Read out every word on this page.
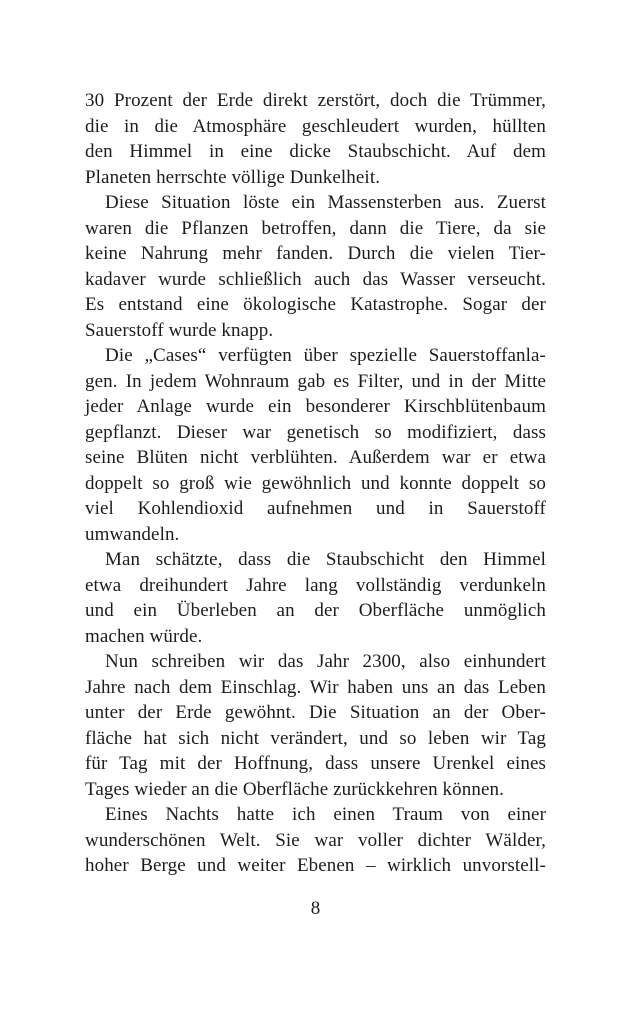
30 Prozent der Erde direkt zerstört, doch die Trümmer,
die in die Atmosphäre geschleudert wurden, hüllten
den Himmel in eine dicke Staubschicht. Auf dem
Planeten herrschte völlige Dunkelheit.

Diese Situation löste ein Massensterben aus. Zuerst
waren die Pflanzen betroffen, dann die Tiere, da sie
keine Nahrung mehr fanden. Durch die vielen Tier-
kadaver wurde schließlich auch das Wasser verseucht.
Es entstand eine ökologische Katastrophe. Sogar der
Sauerstoff wurde knapp.

Die „Cases“ verfügten über spezielle Sauerstoffanla-
gen. In jedem Wohnraum gab es Filter, und in der Mitte
jeder Anlage wurde ein besonderer Kirschblütenbaum
gepflanzt. Dieser war genetisch so modifiziert, dass
seine Blüten nicht verblühten. Außerdem war er etwa
doppelt so groß wie gewöhnlich und konnte doppelt so
viel Kohlendioxid aufnehmen und in Sauerstoff
umwandeln.

Man schätzte, dass die Staubschicht den Himmel
etwa dreihundert Jahre lang vollständig verdunkeln
und ein Überleben an der Oberfläche unmöglich
machen würde.

Nun schreiben wir das Jahr 2300, also einhundert
Jahre nach dem Einschlag. Wir haben uns an das Leben
unter der Erde gewöhnt. Die Situation an der Ober-
fläche hat sich nicht verändert, und so leben wir Tag
für Tag mit der Hoffnung, dass unsere Urenkel eines
Tages wieder an die Oberfläche zurückkehren können.

Eines Nachts hatte ich einen Traum von einer
wunderschönen Welt. Sie war voller dichter Wälder,
hoher Berge und weiter Ebenen – wirklich unvorstell-

8
